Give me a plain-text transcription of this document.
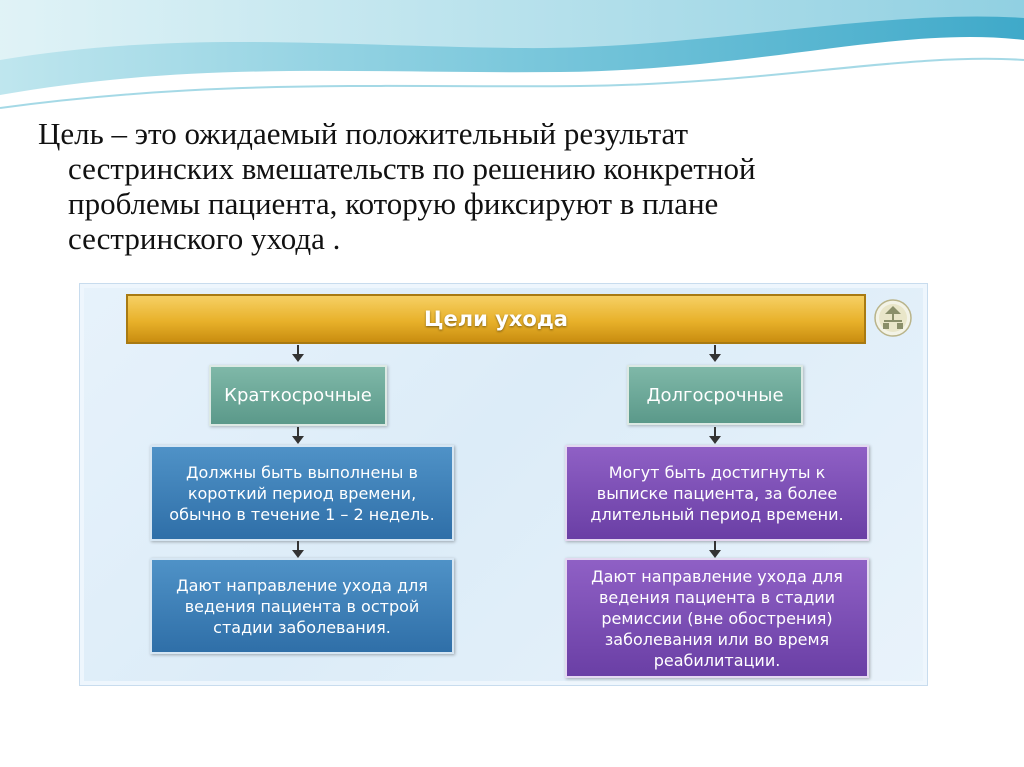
Цель – это ожидаемый положительный результат
сестринских вмешательств по решению конкретной
проблемы пациента, которую фиксируют в плане
сестринского ухода .

Цели ухода
Краткосрочные	Долгосрочные
Должны быть выполнены в короткий период времени, обычно в течение 1 – 2 недель.
Могут быть достигнуты к выписке пациента, за более длительный период времени.
Дают направление ухода для ведения пациента в острой стадии заболевания.
Дают направление ухода для ведения пациента в стадии ремиссии (вне обострения) заболевания или во время реабилитации.
